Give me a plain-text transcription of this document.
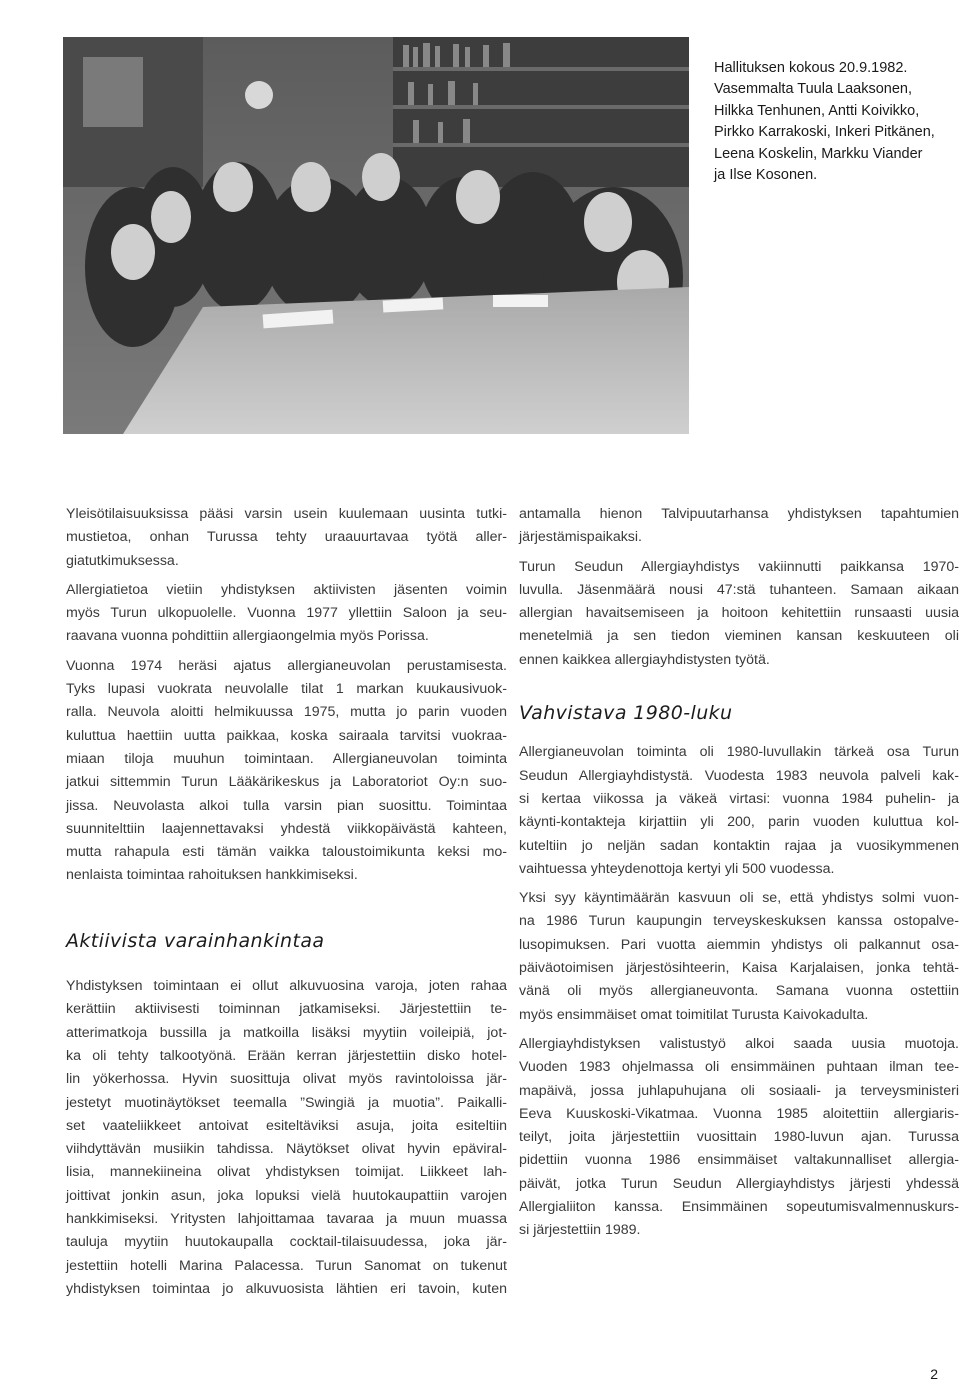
Hallituksen kokous 20.9.1982.
Vasemmalta Tuula Laaksonen,
Hilkka Tenhunen, Antti Koivikko,
Pirkko Karrakoski, Inkeri Pitkänen,
Leena Koskelin, Markku Viander
ja Ilse Kosonen.
Yleisötilaisuuksissa pääsi varsin usein kuulemaan uusinta tutki-
mustietoa, onhan Turussa tehty uraauurtavaa työtä aller-
giatutkimuksessa.
Allergiatietoa vietiin yhdistyksen aktiivisten jäsenten voimin
myös Turun ulkopuolelle. Vuonna 1977 yllettiin Saloon ja seu-
raavana vuonna pohdittiin allergiaongelmia myös Porissa.
Vuonna 1974 heräsi ajatus allergianeuvolan perustamisesta.
Tyks lupasi vuokrata neuvolalle tilat 1 markan kuukausivuok-
ralla. Neuvola aloitti helmikuussa 1975, mutta jo parin vuoden
kuluttua haettiin uutta paikkaa, koska sairaala tarvitsi vuokraa-
miaan tiloja muuhun toimintaan. Allergianeuvolan toiminta
jatkui sittemmin Turun Lääkärikeskus ja Laboratoriot Oy:n suo-
jissa. Neuvolasta alkoi tulla varsin pian suosittu. Toimintaa
suunnitelttiin laajennettavaksi yhdestä viikkopäivästä kahteen,
mutta rahapula esti tämän vaikka taloustoimikunta keksi mo-
nenlaista toimintaa rahoituksen hankkimiseksi.
Aktiivista varainhankintaa
Yhdistyksen toimintaan ei ollut alkuvuosina varoja, joten rahaa
kerättiin aktiivisesti toiminnan jatkamiseksi. Järjestettiin te-
atterimatkoja bussilla ja matkoilla lisäksi myytiin voileipiä, jot-
ka oli tehty talkootyönä. Erään kerran järjestettiin disko hotel-
lin yökerhossa. Hyvin suosittuja olivat myös ravintoloissa jär-
jestetyt muotinäytökset teemalla ”Swingiä ja muotia”. Paikalli-
set vaateliikkeet antoivat esiteltäviksi asuja, joita esiteltiin
viihdyttävän musiikin tahdissa. Näytökset olivat hyvin epäviral-
lisia, mannekiineina olivat yhdistyksen toimijat. Liikkeet lah-
joittivat jonkin asun, joka lopuksi vielä huutokaupattiin varojen
hankkimiseksi. Yritysten lahjoittamaa tavaraa ja muun muassa
tauluja myytiin huutokaupalla cocktail-tilaisuudessa, joka jär-
jestettiin hotelli Marina Palacessa. Turun Sanomat on tukenut
yhdistyksen toimintaa jo alkuvuosista lähtien eri tavoin, kuten
antamalla hienon Talvipuutarhansa yhdistyksen tapahtumien
järjestämispaikaksi.
Turun Seudun Allergiayhdistys vakiinnutti paikkansa 1970-
luvulla. Jäsenmäärä nousi 47:stä tuhanteen. Samaan aikaan
allergian havaitsemiseen ja hoitoon kehitettiin runsaasti uusia
menetelmiä ja sen tiedon vieminen kansan keskuuteen oli
ennen kaikkea allergiayhdistysten työtä.
Vahvistava 1980-luku
Allergianeuvolan toiminta oli 1980-luvullakin tärkeä osa Turun
Seudun Allergiayhdistystä. Vuodesta 1983 neuvola palveli kak-
si kertaa viikossa ja väkeä virtasi: vuonna 1984 puhelin- ja
käynti-kontakteja kirjattiin yli 200, parin vuoden kuluttua kol-
kuteltiin jo neljän sadan kontaktin rajaa ja vuosikymmenen
vaihtuessa yhteydenottoja kertyi yli 500 vuodessa.
Yksi syy käyntimäärän kasvuun oli se, että yhdistys solmi vuon-
na 1986 Turun kaupungin terveyskeskuksen kanssa ostopalve-
lusopimuksen. Pari vuotta aiemmin yhdistys oli palkannut osa-
päiväotoimisen järjestösihteerin, Kaisa Karjalaisen, jonka tehtä-
vänä oli myös allergianeuvonta. Samana vuonna ostettiin
myös ensimmäiset omat toimitilat Turusta Kaivokadulta.
Allergiayhdistyksen valistustyö alkoi saada uusia muotoja.
Vuoden 1983 ohjelmassa oli ensimmäinen puhtaan ilman tee-
mapäivä, jossa juhlapuhujana oli sosiaali- ja terveysministeri
Eeva Kuuskoski-Vikatmaa. Vuonna 1985 aloitettiin allergiaris-
teilyt, joita järjestettiin vuosittain 1980-luvun ajan. Turussa
pidettiin vuonna 1986 ensimmäiset valtakunnalliset allergia-
päivät, jotka Turun Seudun Allergiayhdistys järjesti yhdessä
Allergialiiton kanssa. Ensimmäinen sopeutumisvalmennuskurs-
si järjestettiin 1989.
2
